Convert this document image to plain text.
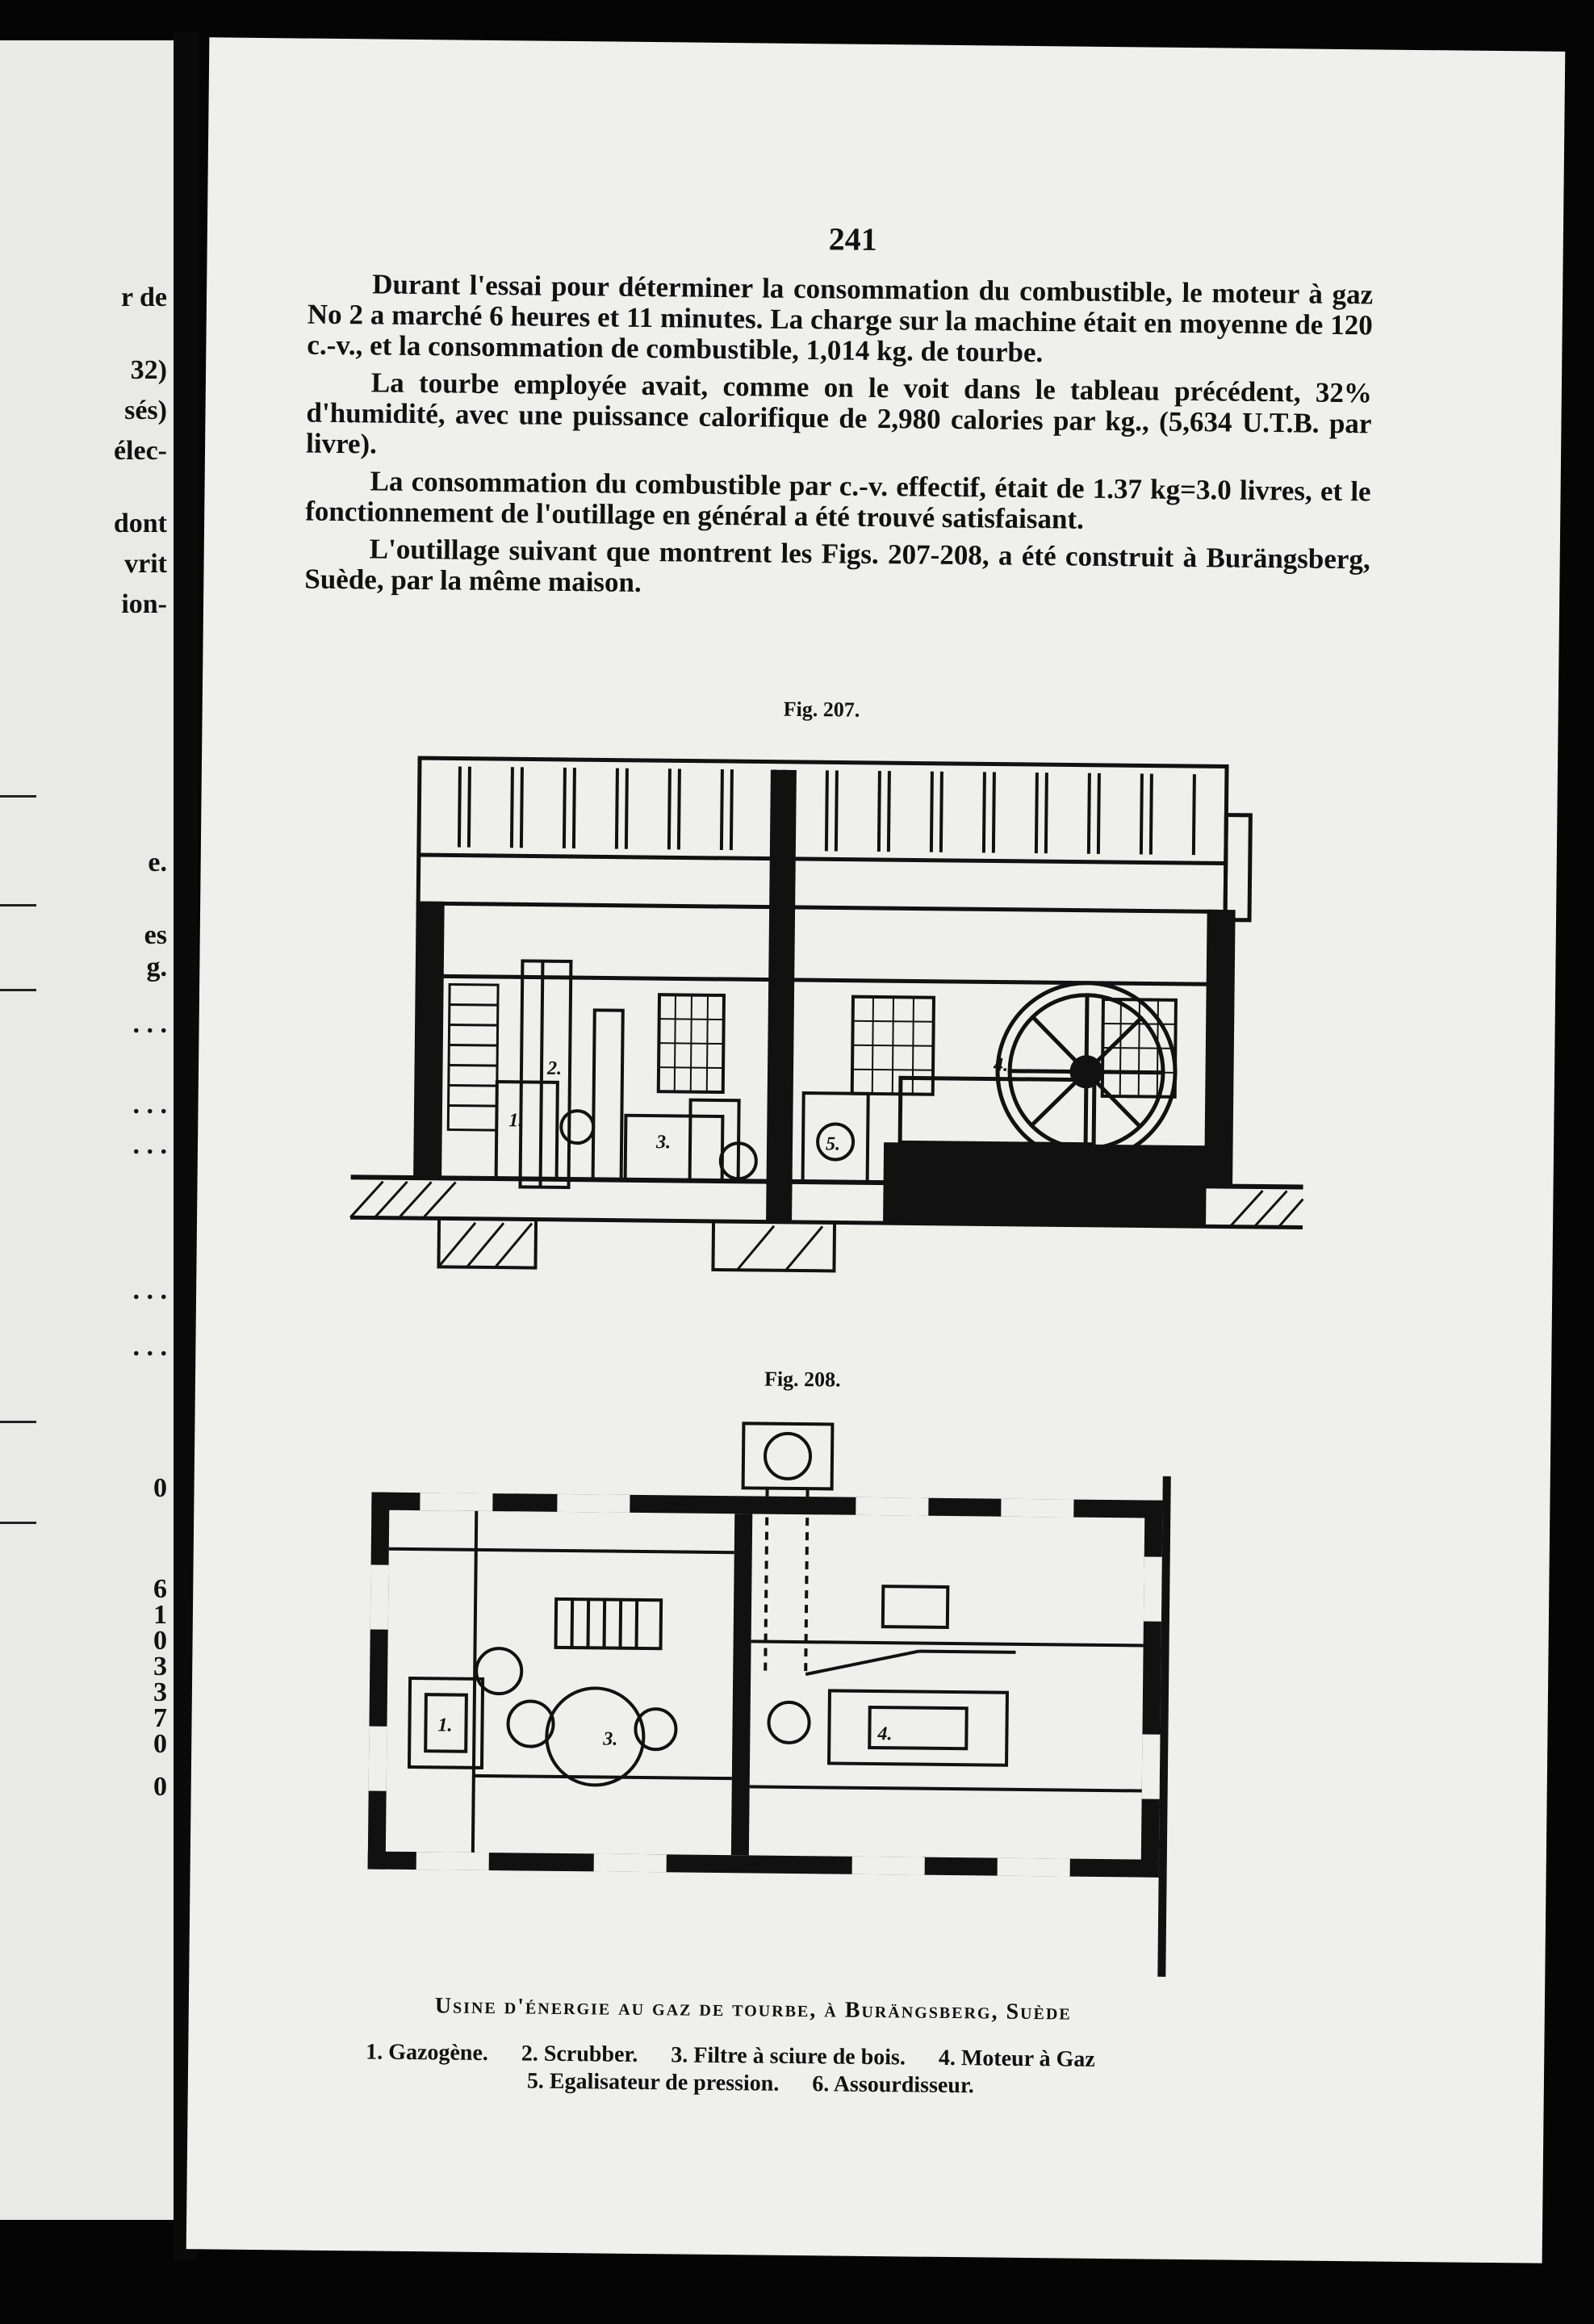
r de
32)
sés)
élec-
dont
vrit
ion-
e.
es
g.
. . .
. . .
. . .
. . .
. . .
0
6
1
0
3
3
7
0
0
241

Durant l'essai pour déterminer la consommation du combustible, le moteur à gaz No 2 a marché 6 heures et 11 minutes. La charge sur la machine était en moyenne de 120 c.-v., et la consommation de combustible, 1,014 kg. de tourbe.

La tourbe employée avait, comme on le voit dans le tableau précédent, 32% d'humidité, avec une puissance calorifique de 2,980 calories par kg., (5,634 U.T.B. par livre).

La consommation du combustible par c.-v. effectif, était de 1.37 kg=3.0 livres, et le fonctionnement de l'outillage en général a été trouvé satisfaisant.

L'outillage suivant que montrent les Figs. 207-208, a été construit à Burängsberg, Suède, par la même maison.

Fig. 207.
1.
2.
3.
4.
5.
Fig. 208.
1.
3.	4.
Usine d'énergie au gaz de tourbe, à Burängsberg, Suède
1. Gazogène. 2. Scrubber. 3. Filtre à sciure de bois. 4. Moteur à Gaz
5. Egalisateur de pression. 6. Assourdisseur.
